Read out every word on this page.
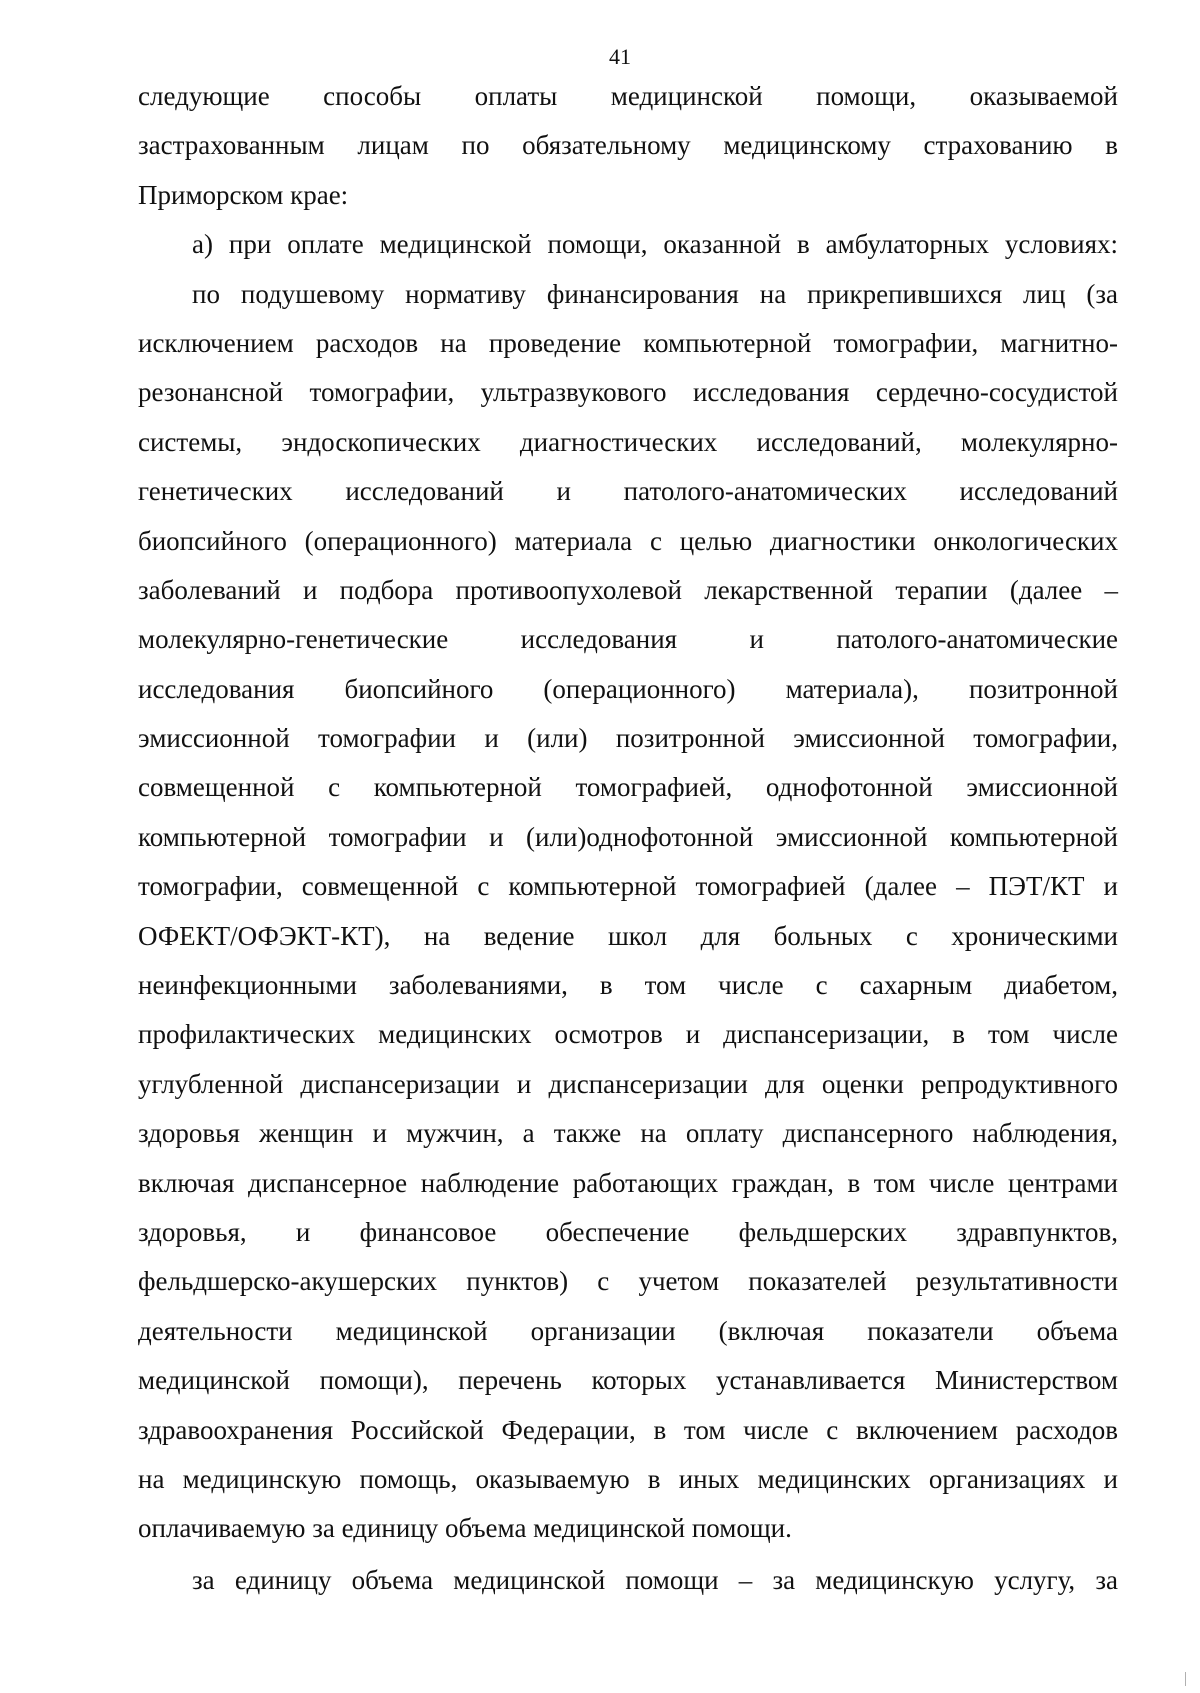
41
следующие способы оплаты медицинской помощи, оказываемой
застрахованным лицам по обязательному медицинскому страхованию в
Приморском крае:
а) при оплате медицинской помощи, оказанной в амбулаторных условиях:
по подушевому нормативу финансирования на прикрепившихся лиц (за
исключением расходов на проведение компьютерной томографии, магнитно-
резонансной томографии, ультразвукового исследования сердечно-сосудистой
системы, эндоскопических диагностических исследований, молекулярно-
генетических исследований и патолого-анатомических исследований
биопсийного (операционного) материала с целью диагностики онкологических
заболеваний и подбора противоопухолевой лекарственной терапии (далее –
молекулярно-генетические исследования и патолого-анатомические
исследования биопсийного (операционного) материала), позитронной
эмиссионной томографии и (или) позитронной эмиссионной томографии,
совмещенной с компьютерной томографией, однофотонной эмиссионной
компьютерной томографии и (или)однофотонной эмиссионной компьютерной
томографии, совмещенной с компьютерной томографией (далее – ПЭТ/КТ и
ОФЕКТ/ОФЭКТ-КТ), на ведение школ для больных с хроническими
неинфекционными заболеваниями, в том числе с сахарным диабетом,
профилактических медицинских осмотров и диспансеризации, в том числе
углубленной диспансеризации и диспансеризации для оценки репродуктивного
здоровья женщин и мужчин, а также на оплату диспансерного наблюдения,
включая диспансерное наблюдение работающих граждан, в том числе центрами
здоровья, и финансовое обеспечение фельдшерских здравпунктов,
фельдшерско-акушерских пунктов) с учетом показателей результативности
деятельности медицинской организации (включая показатели объема
медицинской помощи), перечень которых устанавливается Министерством
здравоохранения Российской Федерации, в том числе с включением расходов
на медицинскую помощь, оказываемую в иных медицинских организациях и
оплачиваемую за единицу объема медицинской помощи.
за единицу объема медицинской помощи – за медицинскую услугу, за
